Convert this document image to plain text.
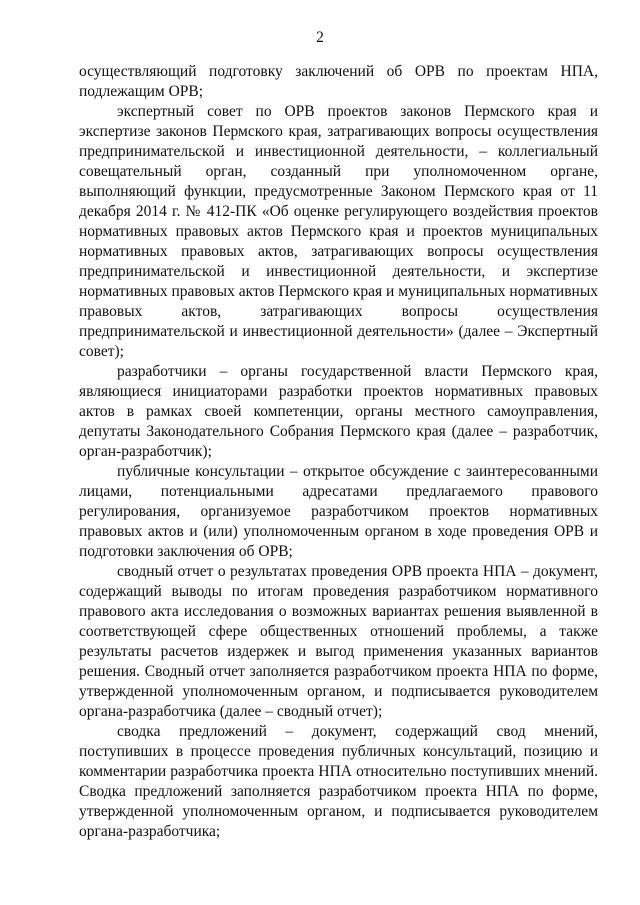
2

осуществляющий подготовку заключений об ОРВ по проектам НПА, подлежащим ОРВ;

экспертный совет по ОРВ проектов законов Пермского края и экспертизе законов Пермского края, затрагивающих вопросы осуществления предпринимательской и инвестиционной деятельности, – коллегиальный совещательный орган, созданный при уполномоченном органе, выполняющий функции, предусмотренные Законом Пермского края от 11 декабря 2014 г. № 412-ПК «Об оценке регулирующего воздействия проектов нормативных правовых актов Пермского края и проектов муниципальных нормативных правовых актов, затрагивающих вопросы осуществления предпринимательской и инвестиционной деятельности, и экспертизе нормативных правовых актов Пермского края и муниципальных нормативных правовых актов, затрагивающих вопросы осуществления предпринимательской и инвестиционной деятельности» (далее – Экспертный совет);

разработчики – органы государственной власти Пермского края, являющиеся инициаторами разработки проектов нормативных правовых актов в рамках своей компетенции, органы местного самоуправления, депутаты Законодательного Собрания Пермского края (далее – разработчик, орган-разработчик);

публичные консультации – открытое обсуждение с заинтересованными лицами, потенциальными адресатами предлагаемого правового регулирования, организуемое разработчиком проектов нормативных правовых актов и (или) уполномоченным органом в ходе проведения ОРВ и подготовки заключения об ОРВ;

сводный отчет о результатах проведения ОРВ проекта НПА – документ, содержащий выводы по итогам проведения разработчиком нормативного правового акта исследования о возможных вариантах решения выявленной в соответствующей сфере общественных отношений проблемы, а также результаты расчетов издержек и выгод применения указанных вариантов решения. Сводный отчет заполняется разработчиком проекта НПА по форме, утвержденной уполномоченным органом, и подписывается руководителем органа-разработчика (далее – сводный отчет);

сводка предложений – документ, содержащий свод мнений, поступивших в процессе проведения публичных консультаций, позицию и комментарии разработчика проекта НПА относительно поступивших мнений. Сводка предложений заполняется разработчиком проекта НПА по форме, утвержденной уполномоченным органом, и подписывается руководителем органа-разработчика;
